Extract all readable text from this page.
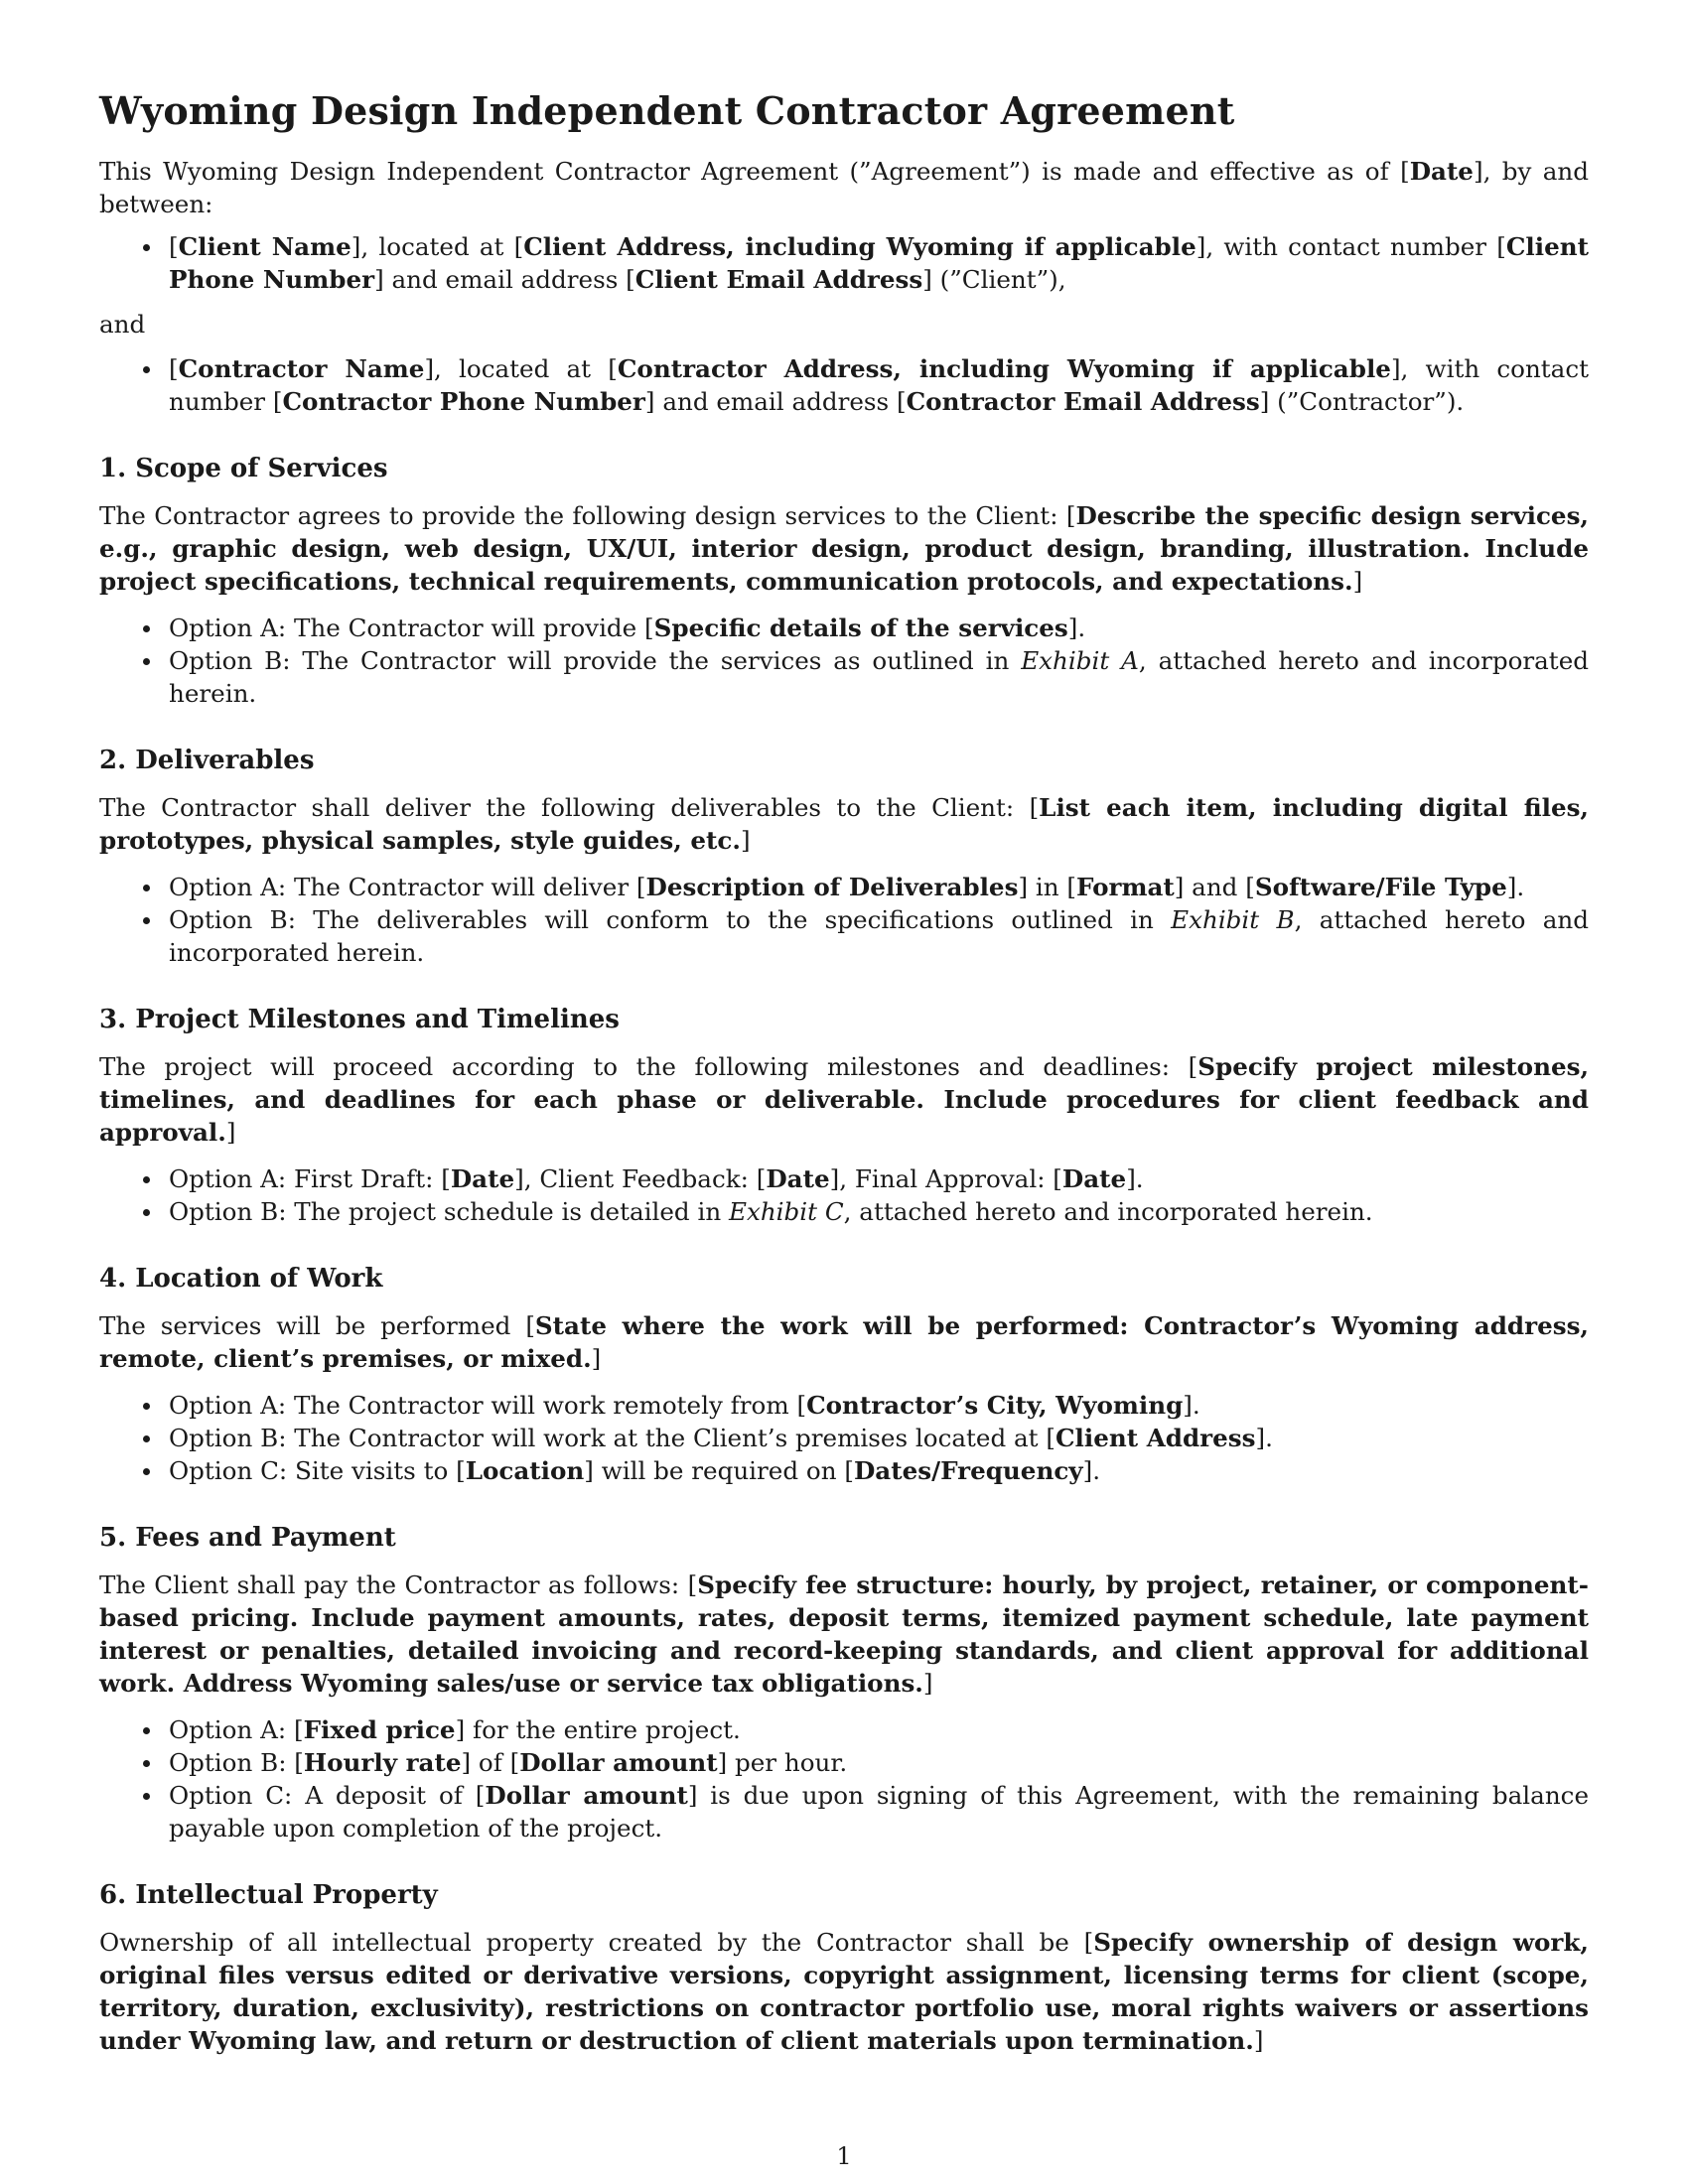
Wyoming Design Independent Contractor Agreement

This Wyoming Design Independent Contractor Agreement (”Agreement”) is made and effective as of [Date], by and between:

[Client Name], located at [Client Address, including Wyoming if applicable], with contact number [Client Phone Number] and email address [Client Email Address] (”Client”),

and

[Contractor Name], located at [Contractor Address, including Wyoming if applicable], with contact number [Contractor Phone Number] and email address [Contractor Email Address] (”Contractor”).
1. Scope of Services

The Contractor agrees to provide the following design services to the Client: [Describe the specific design services, e.g., graphic design, web design, UX/UI, interior design, product design, branding, illustration. Include project specifications, technical requirements, communication protocols, and expectations.]

Option A: The Contractor will provide [Specific details of the services].
Option B: The Contractor will provide the services as outlined in Exhibit A, attached hereto and incorporated herein.
2. Deliverables

The Contractor shall deliver the following deliverables to the Client: [List each item, including digital files, prototypes, physical samples, style guides, etc.]

Option A: The Contractor will deliver [Description of Deliverables] in [Format] and [Software/File Type].
Option B: The deliverables will conform to the specifications outlined in Exhibit B, attached hereto and incorporated herein.
3. Project Milestones and Timelines

The project will proceed according to the following milestones and deadlines: [Specify project milestones, timelines, and deadlines for each phase or deliverable. Include procedures for client feedback and approval.]

Option A: First Draft: [Date], Client Feedback: [Date], Final Approval: [Date].
Option B: The project schedule is detailed in Exhibit C, attached hereto and incorporated herein.
4. Location of Work

The services will be performed [State where the work will be performed: Contractor’s Wyoming address, remote, client’s premises, or mixed.]

Option A: The Contractor will work remotely from [Contractor’s City, Wyoming].
Option B: The Contractor will work at the Client’s premises located at [Client Address].
Option C: Site visits to [Location] will be required on [Dates/Frequency].
5. Fees and Payment

The Client shall pay the Contractor as follows: [Specify fee structure: hourly, by project, retainer, or component-based pricing. Include payment amounts, rates, deposit terms, itemized payment schedule, late payment interest or penalties, detailed invoicing and record-keeping standards, and client approval for additional work. Address Wyoming sales/use or service tax obligations.]

Option A: [Fixed price] for the entire project.
Option B: [Hourly rate] of [Dollar amount] per hour.
Option C: A deposit of [Dollar amount] is due upon signing of this Agreement, with the remaining balance payable upon completion of the project.
6. Intellectual Property

Ownership of all intellectual property created by the Contractor shall be [Specify ownership of design work, original files versus edited or derivative versions, copyright assignment, licensing terms for client (scope, territory, duration, exclusivity), restrictions on contractor portfolio use, moral rights waivers or assertions under Wyoming law, and return or destruction of client materials upon termination.]

1
